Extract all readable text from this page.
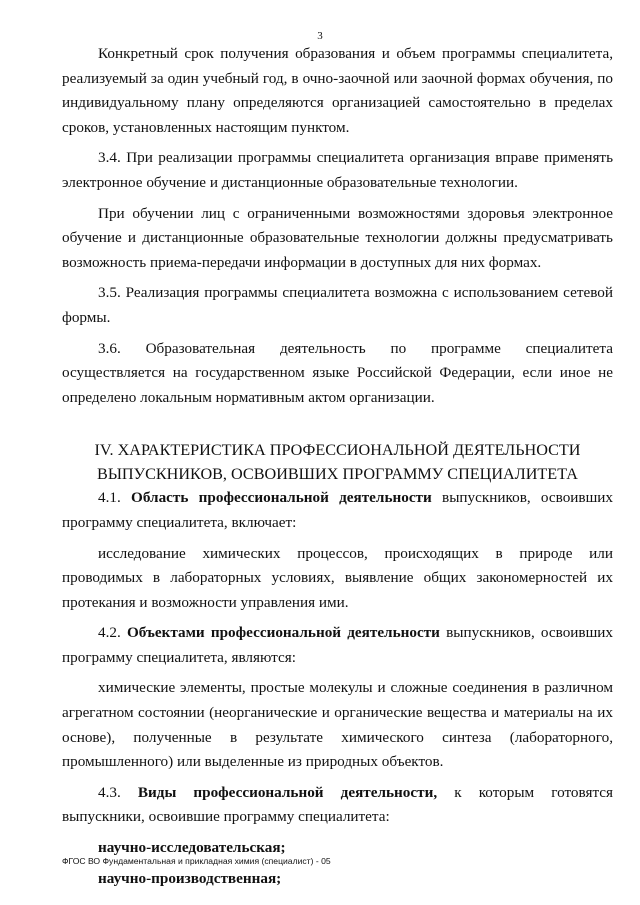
3

Конкретный срок получения образования и объем программы специалитета, реализуемый за один учебный год, в очно-заочной или заочной формах обучения, по индивидуальному плану определяются организацией самостоятельно в пределах сроков, установленных настоящим пунктом.

3.4. При реализации программы специалитета организация вправе применять электронное обучение и дистанционные образовательные технологии.

При обучении лиц с ограниченными возможностями здоровья электронное обучение и дистанционные образовательные технологии должны предусматривать возможность приема-передачи информации в доступных для них формах.

3.5. Реализация программы специалитета возможна с использованием сетевой формы.

3.6. Образовательная деятельность по программе специалитета осуществляется на государственном языке Российской Федерации, если иное не определено локальным нормативным актом организации.

IV. ХАРАКТЕРИСТИКА ПРОФЕССИОНАЛЬНОЙ ДЕЯТЕЛЬНОСТИ
ВЫПУСКНИКОВ, ОСВОИВШИХ ПРОГРАММУ СПЕЦИАЛИТЕТА

4.1. Область профессиональной деятельности выпускников, освоивших программу специалитета, включает:

исследование химических процессов, происходящих в природе или проводимых в лабораторных условиях, выявление общих закономерностей их протекания и возможности управления ими.

4.2. Объектами профессиональной деятельности выпускников, освоивших программу специалитета, являются:

химические элементы, простые молекулы и сложные соединения в различном агрегатном состоянии (неорганические и органические вещества и материалы на их основе), полученные в результате химического синтеза (лабораторного, промышленного) или выделенные из природных объектов.

4.3. Виды профессиональной деятельности, к которым готовятся выпускники, освоившие программу специалитета:

научно-исследовательская;
научно-производственная;
ФГОС ВО Фундаментальная и прикладная химия (специалист) - 05
